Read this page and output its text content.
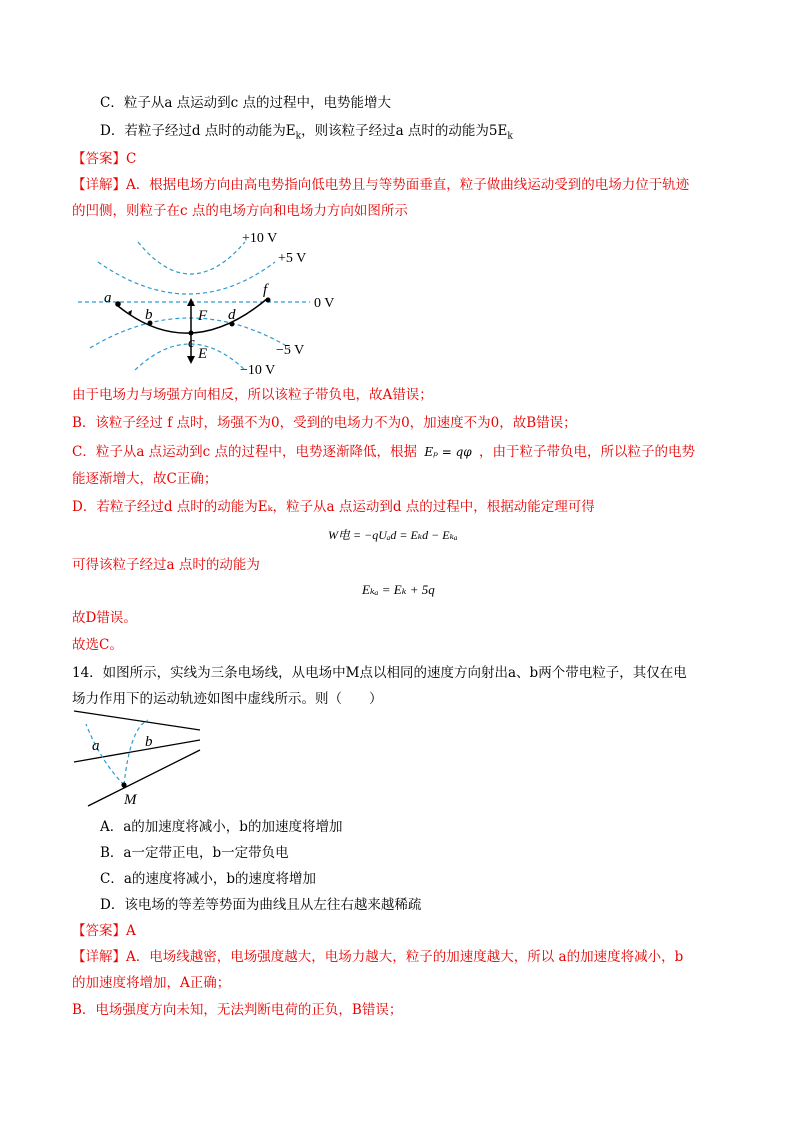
C．粒子从a 点运动到c 点的过程中，电势能增大
D．若粒子经过d 点时的动能为$E_k$，则该粒子经过a 点时的动能为$5E_k$
【答案】C
【详解】A．根据电场方向由高电势指向低电势且与等势面垂直，粒子做曲线运动受到的电场力位于轨迹
的凹侧，则粒子在c 点的电场方向和电场力方向如图所示
+10 V
+5 V
0 V
−5 V
−10 V
a
b
c
d
f
F
E
由于电场力与场强方向相反，所以该粒子带负电，故A错误；
B．该粒子经过 f 点时，场强不为0，受到的电场力不为0，加速度不为0，故B错误；
C．粒子从a 点运动到c 点的过程中，电势逐渐降低，根据 Eₚ = qφ ，由于粒子带负电，所以粒子的电势
能逐渐增大，故C正确；
D．若粒子经过d 点时的动能为Eₖ，粒子从a 点运动到d 点的过程中，根据动能定理可得
W电 = −qUₐd = Eₖd − Eₖₐ
可得该粒子经过a 点时的动能为
Eₖₐ = Eₖ + 5q
故D错误。
故选C。
14．如图所示，实线为三条电场线，从电场中M点以相同的速度方向射出a、b两个带电粒子，其仅在电
场力作用下的运动轨迹如图中虚线所示。则（　　）
a	b
M
A．a的加速度将减小，b的加速度将增加
B．a一定带正电，b一定带负电
C．a的速度将减小，b的速度将增加
D．该电场的等差等势面为曲线且从左往右越来越稀疏
【答案】A
【详解】A．电场线越密，电场强度越大，电场力越大，粒子的加速度越大，所以 a的加速度将减小，b
的加速度将增加，A正确；
B．电场强度方向未知，无法判断电荷的正负，B错误；
